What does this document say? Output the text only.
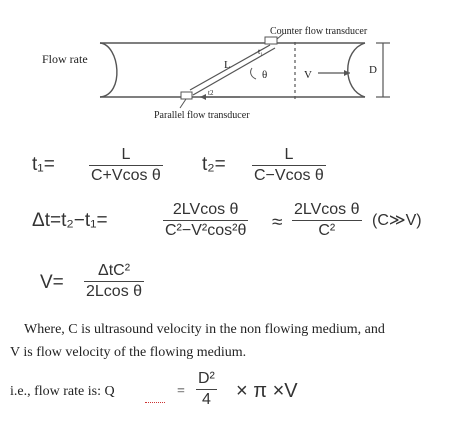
Counter flow transducer
Flow rate
Parallel flow transducer
L
t₁
t2
θ	V	D
t₁=	L
C+Vcos θ
t₂=	L
C−Vcos θ
Δt=t₂−t₁=
2LVcos θ
C²−V²cos²θ ≈
2LVcos θ
C²
(C≫V)
V=
ΔtC²
2Lcos θ
Where, C is ultrasound velocity in the non flowing medium, and
V is flow velocity of the flowing medium.
i.e., flow rate is: Q	=
D²
4 × π ×V
